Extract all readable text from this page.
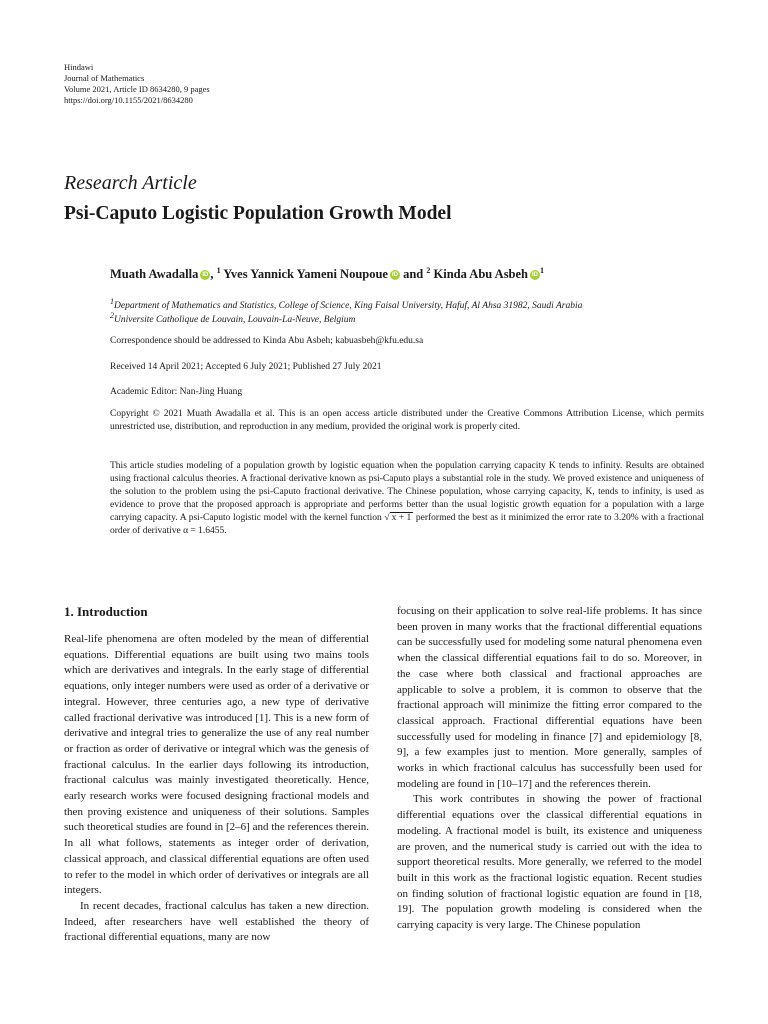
Hindawi
Journal of Mathematics
Volume 2021, Article ID 8634280, 9 pages
https://doi.org/10.1155/2021/8634280
Research Article
Psi-Caputo Logistic Population Growth Model
Muath Awadalla ID , $^1$ Yves Yannick Yameni Noupoue ID and $^2$ Kinda Abu Asbeh $ID^1$
$^1$Department of Mathematics and Statistics, College of Science, King Faisal University, Hafuf, Al Ahsa 31982, Saudi Arabia
$^2$Universite Catholique de Louvain, Louvain-La-Neuve, Belgium
Correspondence should be addressed to Kinda Abu Asbeh; kabuasbeh@kfu.edu.sa
Received 14 April 2021; Accepted 6 July 2021; Published 27 July 2021
Academic Editor: Nan-Jing Huang
Copyright © 2021 Muath Awadalla et al. This is an open access article distributed under the Creative Commons Attribution License, which permits unrestricted use, distribution, and reproduction in any medium, provided the original work is properly cited.
This article studies modeling of a population growth by logistic equation when the population carrying capacity K tends to infinity. Results are obtained using fractional calculus theories. A fractional derivative known as psi-Caputo plays a substantial role in the study. We proved existence and uniqueness of the solution to the problem using the psi-Caputo fractional derivative. The Chinese population, whose carrying capacity, K, tends to infinity, is used as evidence to prove that the proposed approach is appropriate and performs better than the usual logistic growth equation for a population with a large carrying capacity. A psi-Caputo logistic model with the kernel function √ x + 1 performed the best as it minimized the error rate to 3.20% with a fractional order of derivative α = 1.6455.
1. Introduction

Real-life phenomena are often modeled by the mean of differential equations. Differential equations are built using two mains tools which are derivatives and integrals. In the early stage of differential equations, only integer numbers were used as order of a derivative or integral. However, three centuries ago, a new type of derivative called fractional derivative was introduced [1]. This is a new form of derivative and integral tries to generalize the use of any real number or fraction as order of derivative or integral which was the genesis of fractional calculus. In the earlier days following its introduction, fractional calculus was mainly investigated theoretically. Hence, early research works were focused designing fractional models and then proving existence and uniqueness of their solutions. Samples such theoretical studies are found in [2–6] and the references therein. In all what follows, statements as integer order of derivation, classical approach, and classical differential equations are often used to refer to the model in which order of derivatives or integrals are all integers.

In recent decades, fractional calculus has taken a new direction. Indeed, after researchers have well established the theory of fractional differential equations, many are now

focusing on their application to solve real-life problems. It has since been proven in many works that the fractional differential equations can be successfully used for modeling some natural phenomena even when the classical differential equations fail to do so. Moreover, in the case where both classical and fractional approaches are applicable to solve a problem, it is common to observe that the fractional approach will minimize the fitting error compared to the classical approach. Fractional differential equations have been successfully used for modeling in finance [7] and epidemiology [8, 9], a few examples just to mention. More generally, samples of works in which fractional calculus has successfully been used for modeling are found in [10–17] and the references therein.

This work contributes in showing the power of fractional differential equations over the classical differential equations in modeling. A fractional model is built, its existence and uniqueness are proven, and the numerical study is carried out with the idea to support theoretical results. More generally, we referred to the model built in this work as the fractional logistic equation. Recent studies on finding solution of fractional logistic equation are found in [18, 19]. The population growth modeling is considered when the carrying capacity is very large. The Chinese population
